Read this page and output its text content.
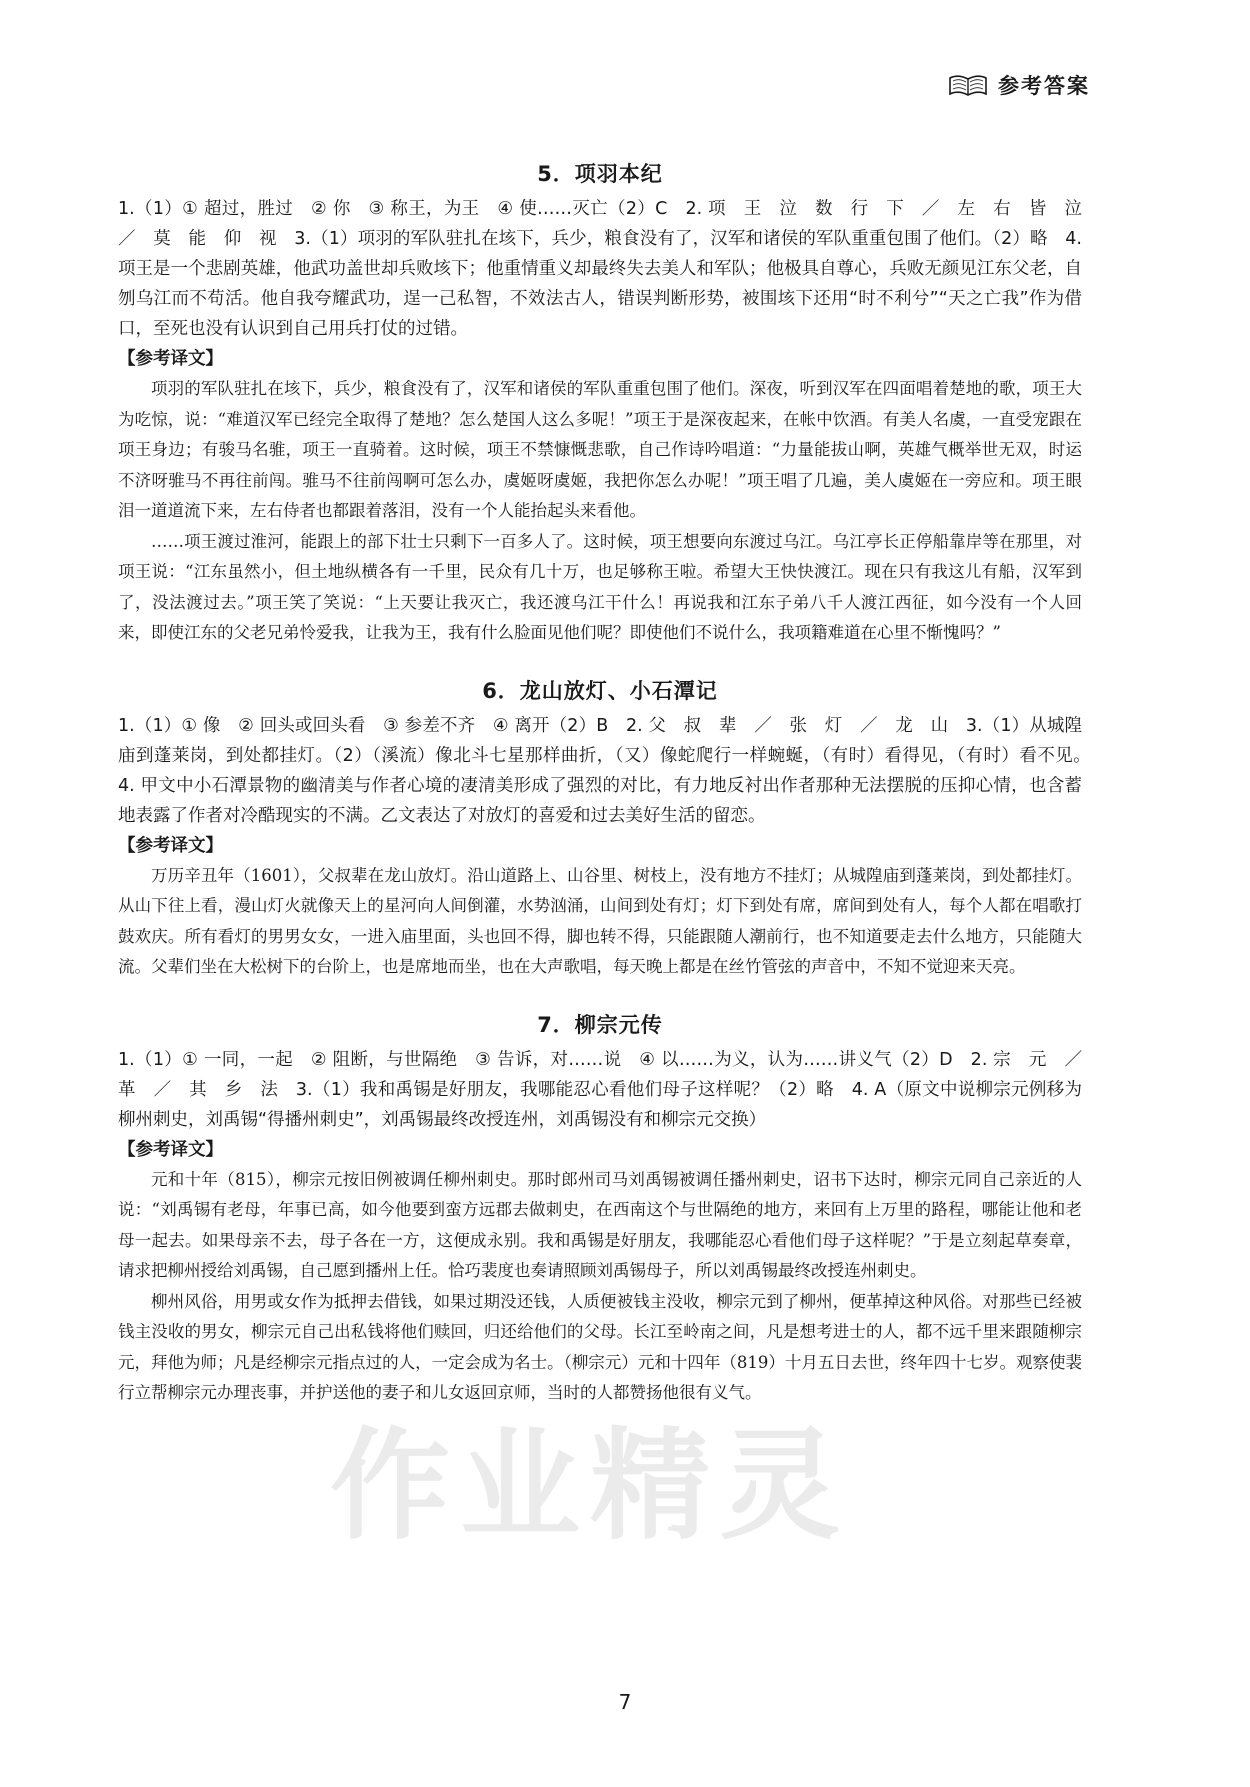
参考答案
5．项羽本纪

1.（1）① 超过，胜过　② 你　③ 称王，为王　④ 使……灭亡（2）C　2. 项　王　泣　数　行　下　／　左　右　皆　泣　／　莫　能　仰　视　3.（1）项羽的军队驻扎在垓下，兵少，粮食没有了，汉军和诸侯的军队重重包围了他们。（2）略　4. 项王是一个悲剧英雄，他武功盖世却兵败垓下；他重情重义却最终失去美人和军队；他极具自尊心，兵败无颜见江东父老，自刎乌江而不苟活。他自我夸耀武功，逞一己私智，不效法古人，错误判断形势，被围垓下还用“时不利兮”“天之亡我”作为借口，至死也没有认识到自己用兵打仗的过错。

【参考译文】

项羽的军队驻扎在垓下，兵少，粮食没有了，汉军和诸侯的军队重重包围了他们。深夜，听到汉军在四面唱着楚地的歌，项王大为吃惊，说：“难道汉军已经完全取得了楚地？怎么楚国人这么多呢！”项王于是深夜起来，在帐中饮酒。有美人名虞，一直受宠跟在项王身边；有骏马名骓，项王一直骑着。这时候，项王不禁慷慨悲歌，自己作诗吟唱道：“力量能拔山啊，英雄气概举世无双，时运不济呀骓马不再往前闯。骓马不往前闯啊可怎么办，虞姬呀虞姬，我把你怎么办呢！”项王唱了几遍，美人虞姬在一旁应和。项王眼泪一道道流下来，左右侍者也都跟着落泪，没有一个人能抬起头来看他。

……项王渡过淮河，能跟上的部下壮士只剩下一百多人了。这时候，项王想要向东渡过乌江。乌江亭长正停船靠岸等在那里，对项王说：“江东虽然小，但土地纵横各有一千里，民众有几十万，也足够称王啦。希望大王快快渡江。现在只有我这儿有船，汉军到了，没法渡过去。”项王笑了笑说：“上天要让我灭亡，我还渡乌江干什么！再说我和江东子弟八千人渡江西征，如今没有一个人回来，即使江东的父老兄弟怜爱我，让我为王，我有什么脸面见他们呢？即使他们不说什么，我项籍难道在心里不惭愧吗？”

6．龙山放灯、小石潭记

1.（1）① 像　② 回头或回头看　③ 参差不齐　④ 离开（2）B　2. 父　叔　辈　／　张　灯　／　龙　山　3.（1）从城隍庙到蓬莱岗，到处都挂灯。（2）（溪流）像北斗七星那样曲折，（又）像蛇爬行一样蜿蜒，（有时）看得见，（有时）看不见。　4. 甲文中小石潭景物的幽清美与作者心境的凄清美形成了强烈的对比，有力地反衬出作者那种无法摆脱的压抑心情，也含蓄地表露了作者对冷酷现实的不满。乙文表达了对放灯的喜爱和过去美好生活的留恋。

【参考译文】

万历辛丑年（1601），父叔辈在龙山放灯。沿山道路上、山谷里、树枝上，没有地方不挂灯；从城隍庙到蓬莱岗，到处都挂灯。从山下往上看，漫山灯火就像天上的星河向人间倒灌，水势汹涌，山间到处有灯；灯下到处有席，席间到处有人，每个人都在唱歌打鼓欢庆。所有看灯的男男女女，一进入庙里面，头也回不得，脚也转不得，只能跟随人潮前行，也不知道要走去什么地方，只能随大流。父辈们坐在大松树下的台阶上，也是席地而坐，也在大声歌唱，每天晚上都是在丝竹管弦的声音中，不知不觉迎来天亮。

7．柳宗元传

1.（1）① 一同，一起　② 阻断，与世隔绝　③ 告诉，对……说　④ 以……为义，认为……讲义气（2）D　2. 宗　元　／　革　／　其　乡　法　3.（1）我和禹锡是好朋友，我哪能忍心看他们母子这样呢？（2）略　4. A（原文中说柳宗元例移为柳州刺史，刘禹锡“得播州刺史”，刘禹锡最终改授连州，刘禹锡没有和柳宗元交换）

【参考译文】

元和十年（815），柳宗元按旧例被调任柳州刺史。那时郎州司马刘禹锡被调任播州刺史，诏书下达时，柳宗元同自己亲近的人说：“刘禹锡有老母，年事已高，如今他要到蛮方远郡去做刺史，在西南这个与世隔绝的地方，来回有上万里的路程，哪能让他和老母一起去。如果母亲不去，母子各在一方，这便成永别。我和禹锡是好朋友，我哪能忍心看他们母子这样呢？”于是立刻起草奏章，请求把柳州授给刘禹锡，自己愿到播州上任。恰巧裴度也奏请照顾刘禹锡母子，所以刘禹锡最终改授连州刺史。

柳州风俗，用男或女作为抵押去借钱，如果过期没还钱，人质便被钱主没收，柳宗元到了柳州，便革掉这种风俗。对那些已经被钱主没收的男女，柳宗元自己出私钱将他们赎回，归还给他们的父母。长江至岭南之间，凡是想考进士的人，都不远千里来跟随柳宗元，拜他为师；凡是经柳宗元指点过的人，一定会成为名士。（柳宗元）元和十四年（819）十月五日去世，终年四十七岁。观察使裴行立帮柳宗元办理丧事，并护送他的妻子和儿女返回京师，当时的人都赞扬他很有义气。

作业精灵
7
